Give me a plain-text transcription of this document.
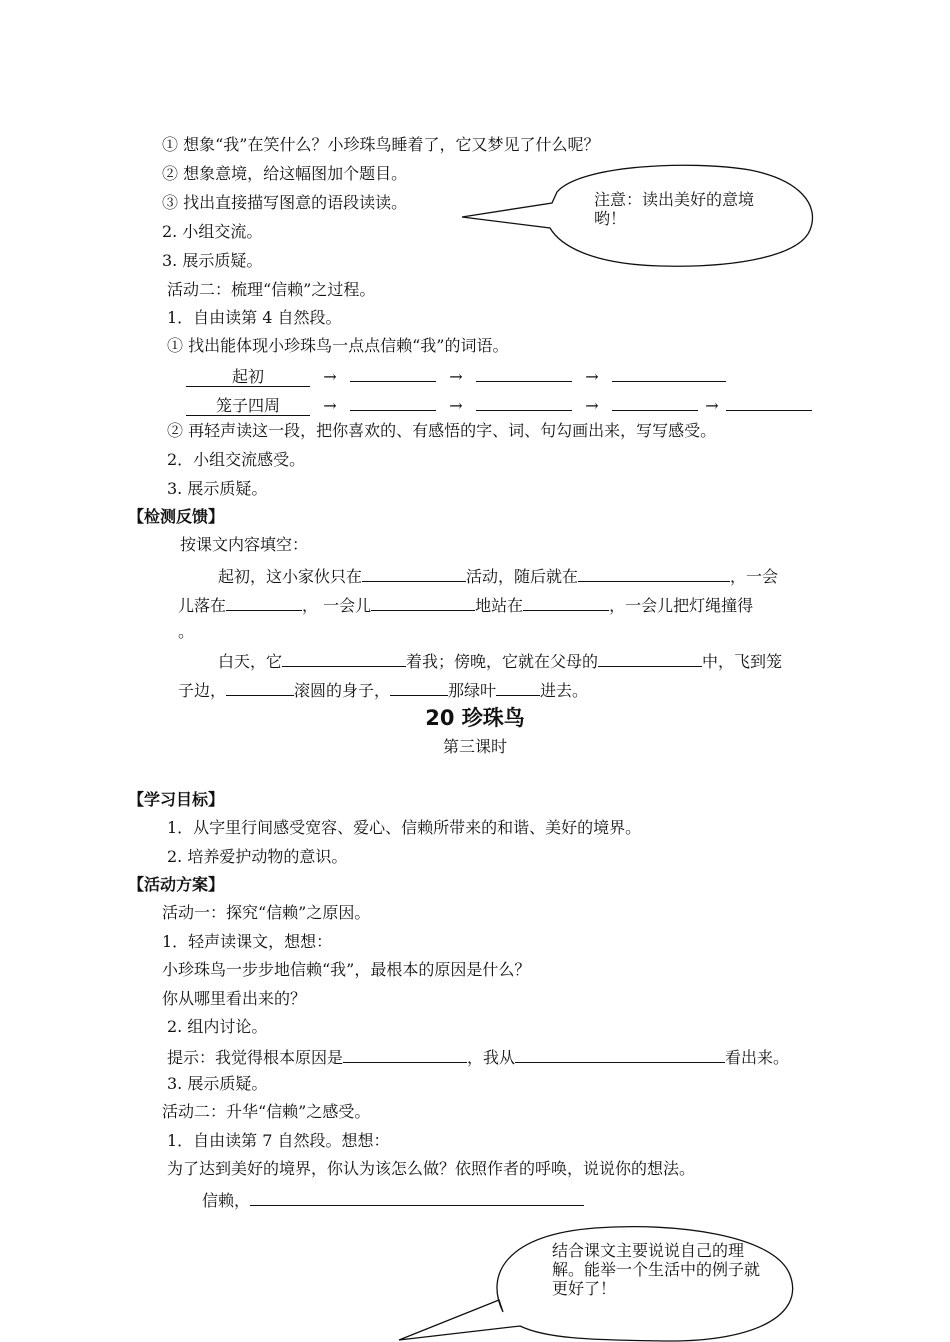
① 想象“我”在笑什么？小珍珠鸟睡着了，它又梦见了什么呢？
② 想象意境，给这幅图加个题目。
③ 找出直接描写图意的语段读读。
2. 小组交流。
3. 展示质疑。
活动二：梳理“信赖”之过程。
1．自由读第 4 自然段。
① 找出能体现小珍珠鸟一点点信赖“我”的词语。
起初	→	→	→
笼子四周	→	→	→	→
② 再轻声读这一段，把你喜欢的、有感悟的字、词、句勾画出来，写写感受。
2．小组交流感受。
3. 展示质疑。
注意：读出美好的意境哟！
【检测反馈】
按课文内容填空：
起初，这小家伙只在	活动，随后就在	，一会
儿落在	， 一会儿	地站在	，一会儿把灯绳撞得
。
白天，它	着我；傍晚，它就在父母的	中，飞到笼
子边，	滚圆的身子，	那绿叶	进去。
20 珍珠鸟
第三课时
【学习目标】
1．从字里行间感受宽容、爱心、信赖所带来的和谐、美好的境界。
2. 培养爱护动物的意识。
【活动方案】
活动一：探究“信赖”之原因。
1．轻声读课文，想想：
小珍珠鸟一步步地信赖“我”，最根本的原因是什么？
你从哪里看出来的？
2. 组内讨论。
提示：我觉得根本原因是	，我从	看出来。
3. 展示质疑。
活动二：升华“信赖”之感受。
1．自由读第 7 自然段。想想：
为了达到美好的境界，你认为该怎么做？依照作者的呼唤，说说你的想法。
信赖，
结合课文主要说说自己的理解。能举一个生活中的例子就更好了！
